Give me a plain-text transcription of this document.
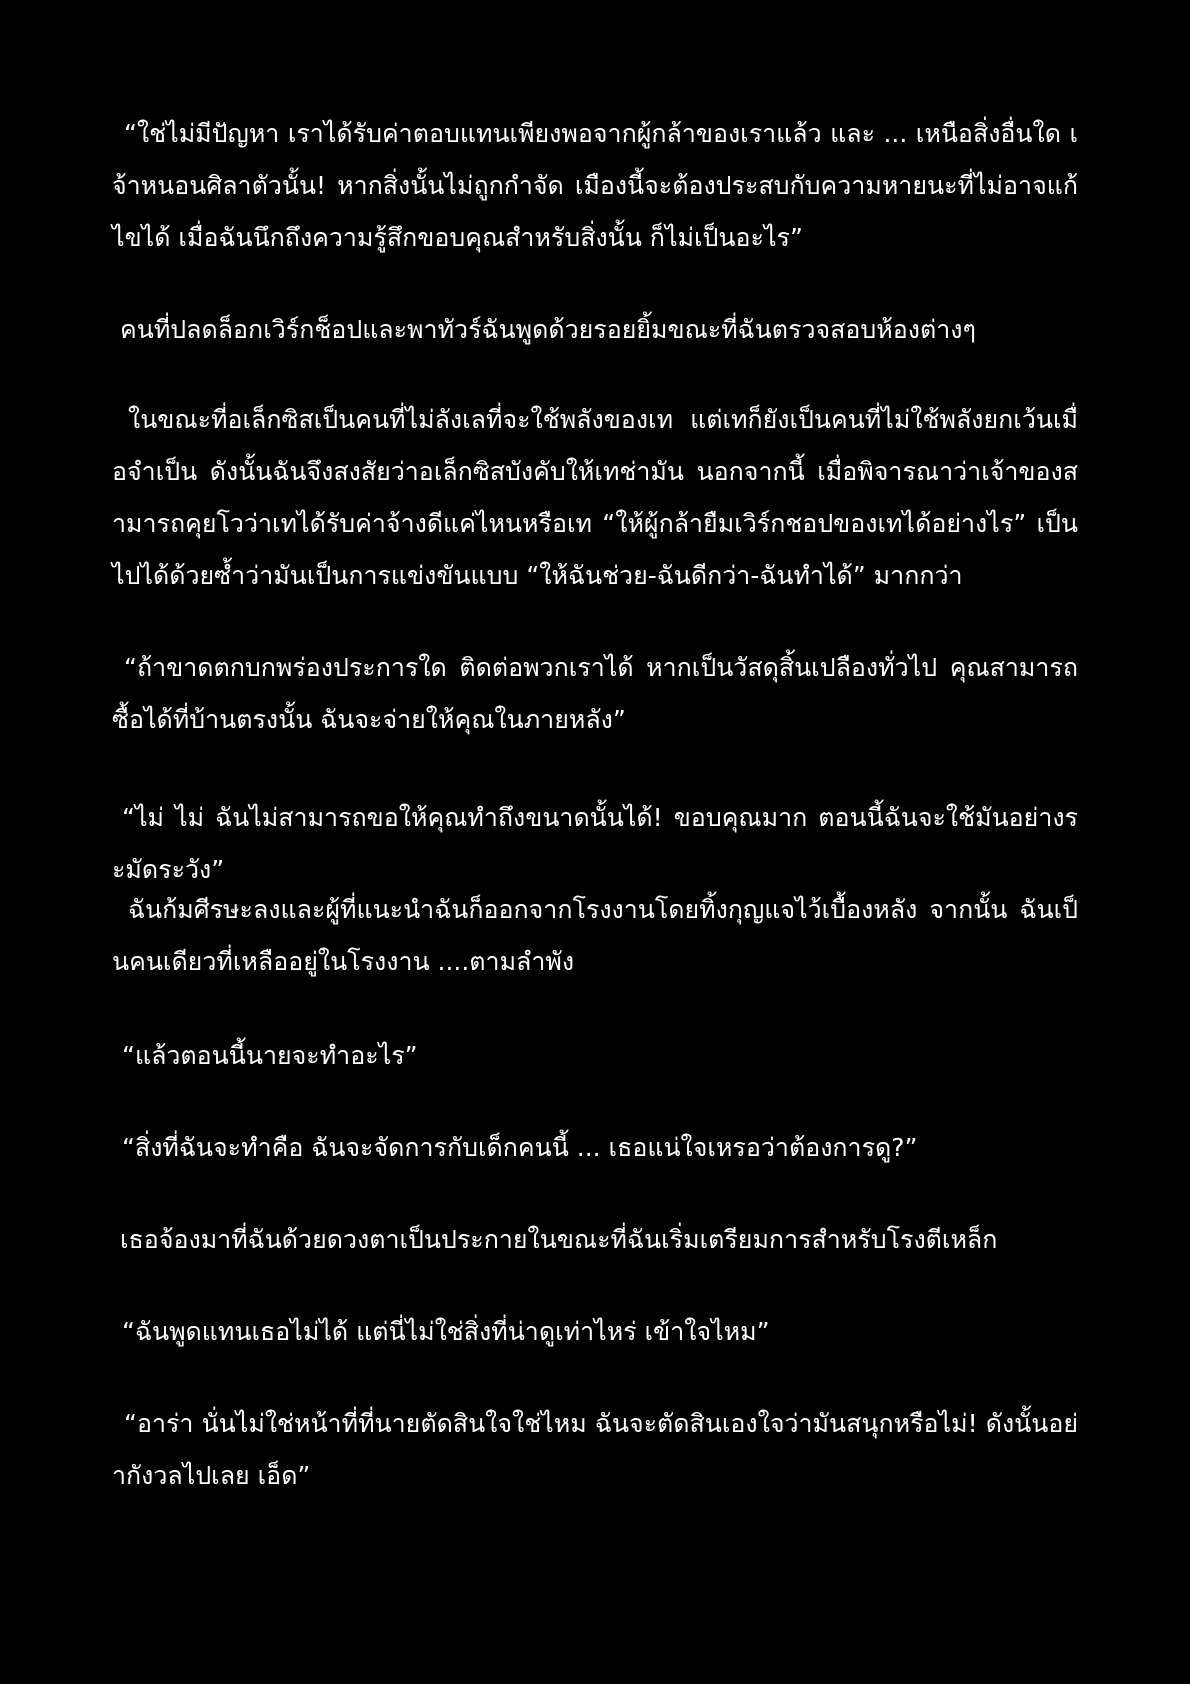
“ใช่ไม่มีปัญหา เราได้รับค่าตอบแทนเพียงพอจากผู้กล้าของเราแล้ว และ ... เหนือสิ่งอื่นใด เจ้าหนอนศิลาตัวนั้น! หากสิ่งนั้นไม่ถูกกำจัด เมืองนี้จะต้องประสบกับความหายนะที่ไม่อาจแก้ไขได้ เมื่อฉันนึกถึงความรู้สึกขอบคุณสำหรับสิ่งนั้น ก็ไม่เป็นอะไร”

คนที่ปลดล็อกเวิร์กช็อปและพาทัวร์ฉันพูดด้วยรอยยิ้มขณะที่ฉันตรวจสอบห้องต่างๆ

ในขณะที่อเล็กซิสเป็นคนที่ไม่ลังเลที่จะใช้พลังของเท แต่เทก็ยังเป็นคนที่ไม่ใช้พลังยกเว้นเมื่อจำเป็น ดังนั้นฉันจึงสงสัยว่าอเล็กซิสบังคับให้เทช่ามัน นอกจากนี้ เมื่อพิจารณาว่าเจ้าของสามารถคุยโวว่าเทได้รับค่าจ้างดีแค่ไหนหรือเท “ให้ผู้กล้ายืมเวิร์กชอปของเทได้อย่างไร” เป็นไปได้ด้วยซ้ำว่ามันเป็นการแข่งขันแบบ “ให้ฉันช่วย-ฉันดีกว่า-ฉันทำได้” มากกว่า

“ถ้าขาดตกบกพร่องประการใด ติดต่อพวกเราได้ หากเป็นวัสดุสิ้นเปลืองทั่วไป คุณสามารถซื้อได้ที่บ้านตรงนั้น ฉันจะจ่ายให้คุณในภายหลัง”

“ไม่ ไม่ ฉันไม่สามารถขอให้คุณทำถึงขนาดนั้นได้! ขอบคุณมาก ตอนนี้ฉันจะใช้มันอย่างระมัดระวัง”

ฉันก้มศีรษะลงและผู้ที่แนะนำฉันก็ออกจากโรงงานโดยทิ้งกุญแจไว้เบื้องหลัง จากนั้น ฉันเป็นคนเดียวที่เหลืออยู่ในโรงงาน ....ตามลำพัง

“แล้วตอนนี้นายจะทำอะไร”

“สิ่งที่ฉันจะทำคือ ฉันจะจัดการกับเด็กคนนี้ ... เธอแน่ใจเหรอว่าต้องการดู?”

เธอจ้องมาที่ฉันด้วยดวงตาเป็นประกายในขณะที่ฉันเริ่มเตรียมการสำหรับโรงตีเหล็ก

“ฉันพูดแทนเธอไม่ได้ แต่นี่ไม่ใช่สิ่งที่น่าดูเท่าไหร่ เข้าใจไหม”

“อาร่า นั่นไม่ใช่หน้าที่ที่นายตัดสินใจใช่ไหม ฉันจะตัดสินเองใจว่ามันสนุกหรือไม่! ดังนั้นอย่ากังวลไปเลย เอ็ด”
